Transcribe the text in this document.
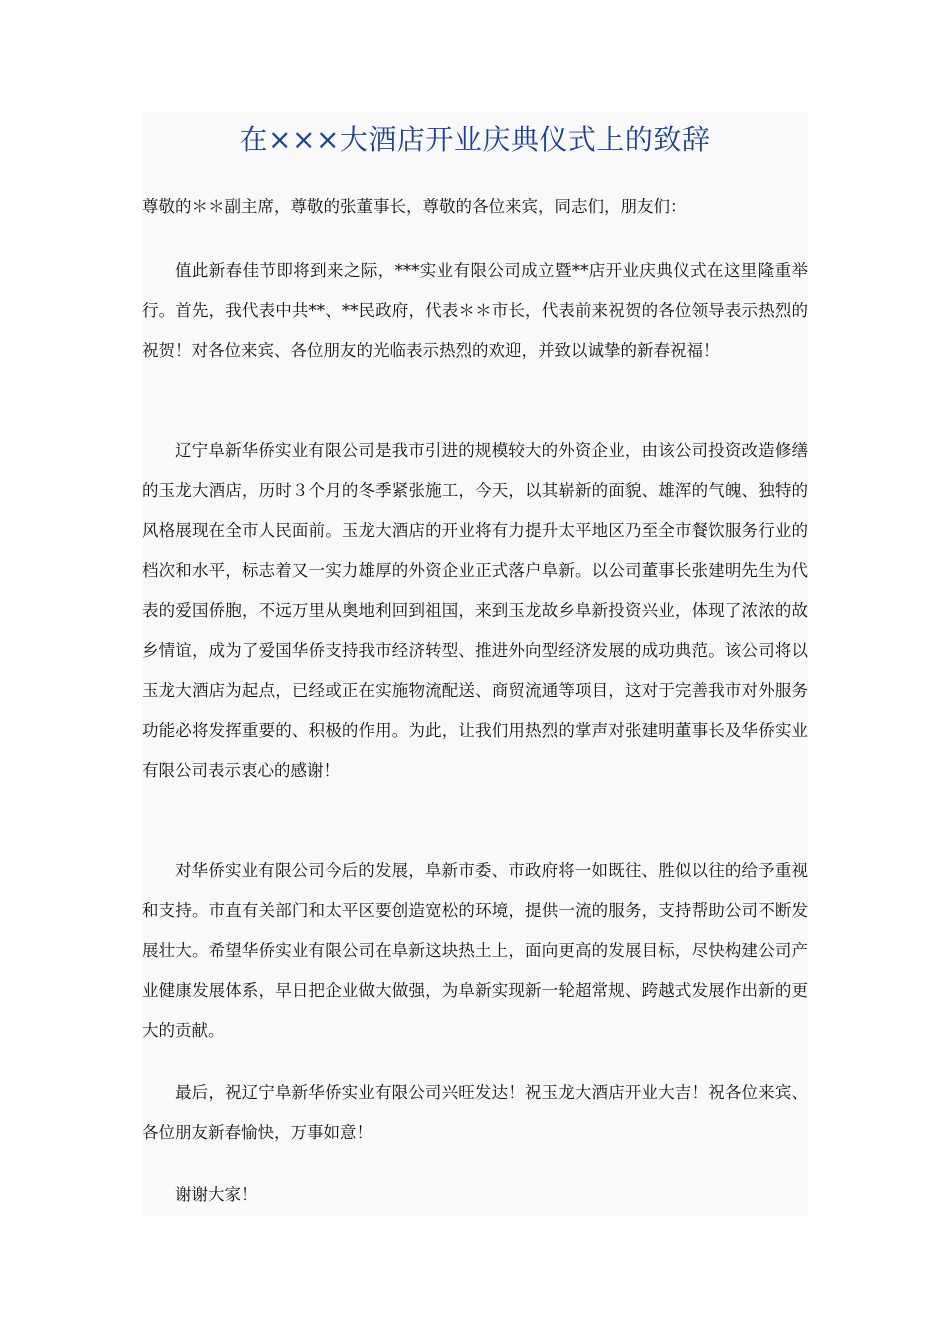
在×××大酒店开业庆典仪式上的致辞

尊敬的＊＊副主席，尊敬的张董事长，尊敬的各位来宾，同志们，朋友们：

值此新春佳节即将到来之际，***实业有限公司成立暨**店开业庆典仪式在这里隆重举行。首先，我代表中共**、**民政府，代表＊＊市长，代表前来祝贺的各位领导表示热烈的祝贺！对各位来宾、各位朋友的光临表示热烈的欢迎，并致以诚挚的新春祝福！

辽宁阜新华侨实业有限公司是我市引进的规模较大的外资企业，由该公司投资改造修缮的玉龙大酒店，历时３个月的冬季紧张施工，今天，以其崭新的面貌、雄浑的气魄、独特的风格展现在全市人民面前。玉龙大酒店的开业将有力提升太平地区乃至全市餐饮服务行业的档次和水平，标志着又一实力雄厚的外资企业正式落户阜新。以公司董事长张建明先生为代表的爱国侨胞，不远万里从奥地利回到祖国，来到玉龙故乡阜新投资兴业，体现了浓浓的故乡情谊，成为了爱国华侨支持我市经济转型、推进外向型经济发展的成功典范。该公司将以玉龙大酒店为起点，已经或正在实施物流配送、商贸流通等项目，这对于完善我市对外服务功能必将发挥重要的、积极的作用。为此，让我们用热烈的掌声对张建明董事长及华侨实业有限公司表示衷心的感谢！

对华侨实业有限公司今后的发展，阜新市委、市政府将一如既往、胜似以往的给予重视和支持。市直有关部门和太平区要创造宽松的环境，提供一流的服务，支持帮助公司不断发展壮大。希望华侨实业有限公司在阜新这块热土上，面向更高的发展目标，尽快构建公司产业健康发展体系，早日把企业做大做强，为阜新实现新一轮超常规、跨越式发展作出新的更大的贡献。

最后，祝辽宁阜新华侨实业有限公司兴旺发达！祝玉龙大酒店开业大吉！祝各位来宾、各位朋友新春愉快，万事如意！

谢谢大家！
